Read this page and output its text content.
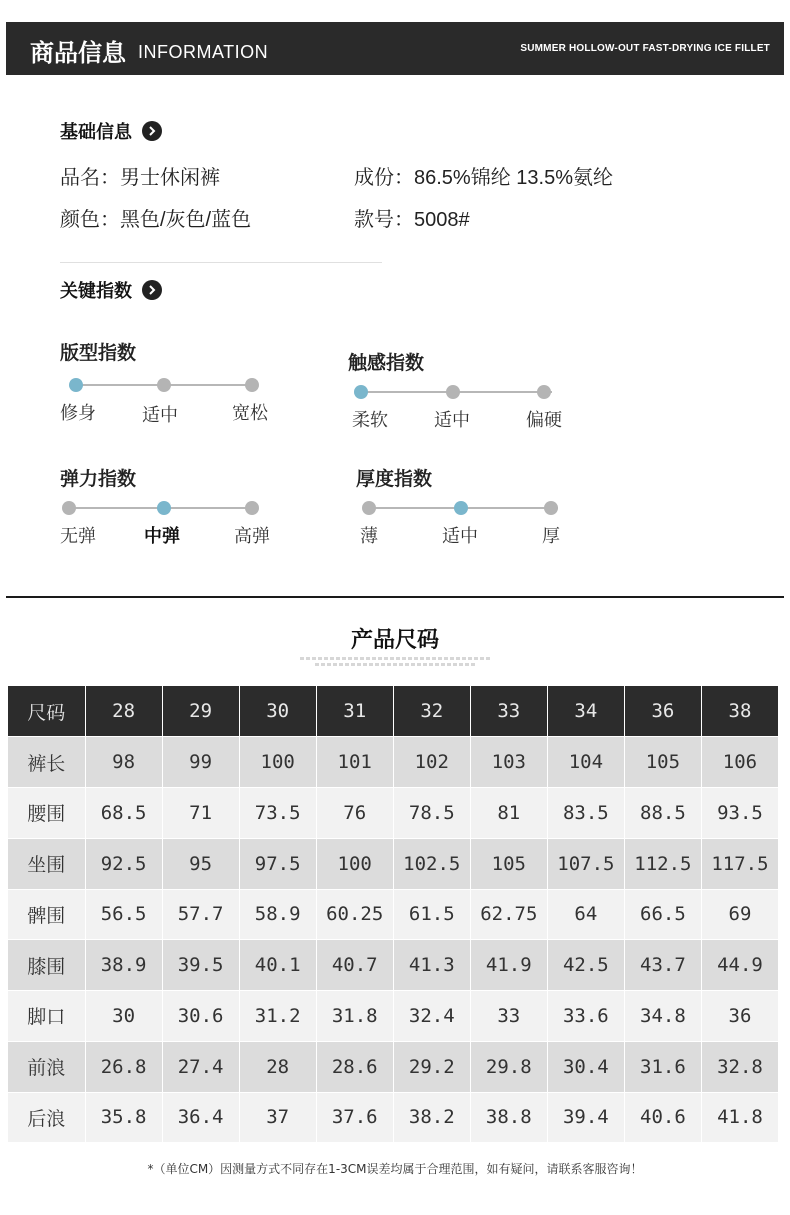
商品信息 INFORMATION	SUMMER HOLLOW-OUT FAST-DRYING ICE FILLET
基础信息
品名：男士休闲裤	成份：86.5%锦纶 13.5%氨纶
颜色：黑色/灰色/蓝色	款号：5008#
关键指数
版型指数
修身	适中	宽松
触感指数
柔软	适中	偏硬
弹力指数
无弹	中弹	高弹
厚度指数
薄	适中	厚
产品尺码
尺码	28	29	30	31	32	33	34	36	38
裤长	98	99	100	101	102	103	104	105	106
腰围	68.5	71	73.5	76	78.5	81	83.5	88.5	93.5
坐围	92.5	95	97.5	100	102.5	105	107.5	112.5	117.5
髀围	56.5	57.7	58.9	60.25	61.5	62.75	64	66.5	69
膝围	38.9	39.5	40.1	40.7	41.3	41.9	42.5	43.7	44.9
脚口	30	30.6	31.2	31.8	32.4	33	33.6	34.8	36
前浪	26.8	27.4	28	28.6	29.2	29.8	30.4	31.6	32.8
后浪	35.8	36.4	37	37.6	38.2	38.8	39.4	40.6	41.8
*（单位CM）因测量方式不同存在1-3CM误差均属于合理范围，如有疑问，请联系客服咨询！
